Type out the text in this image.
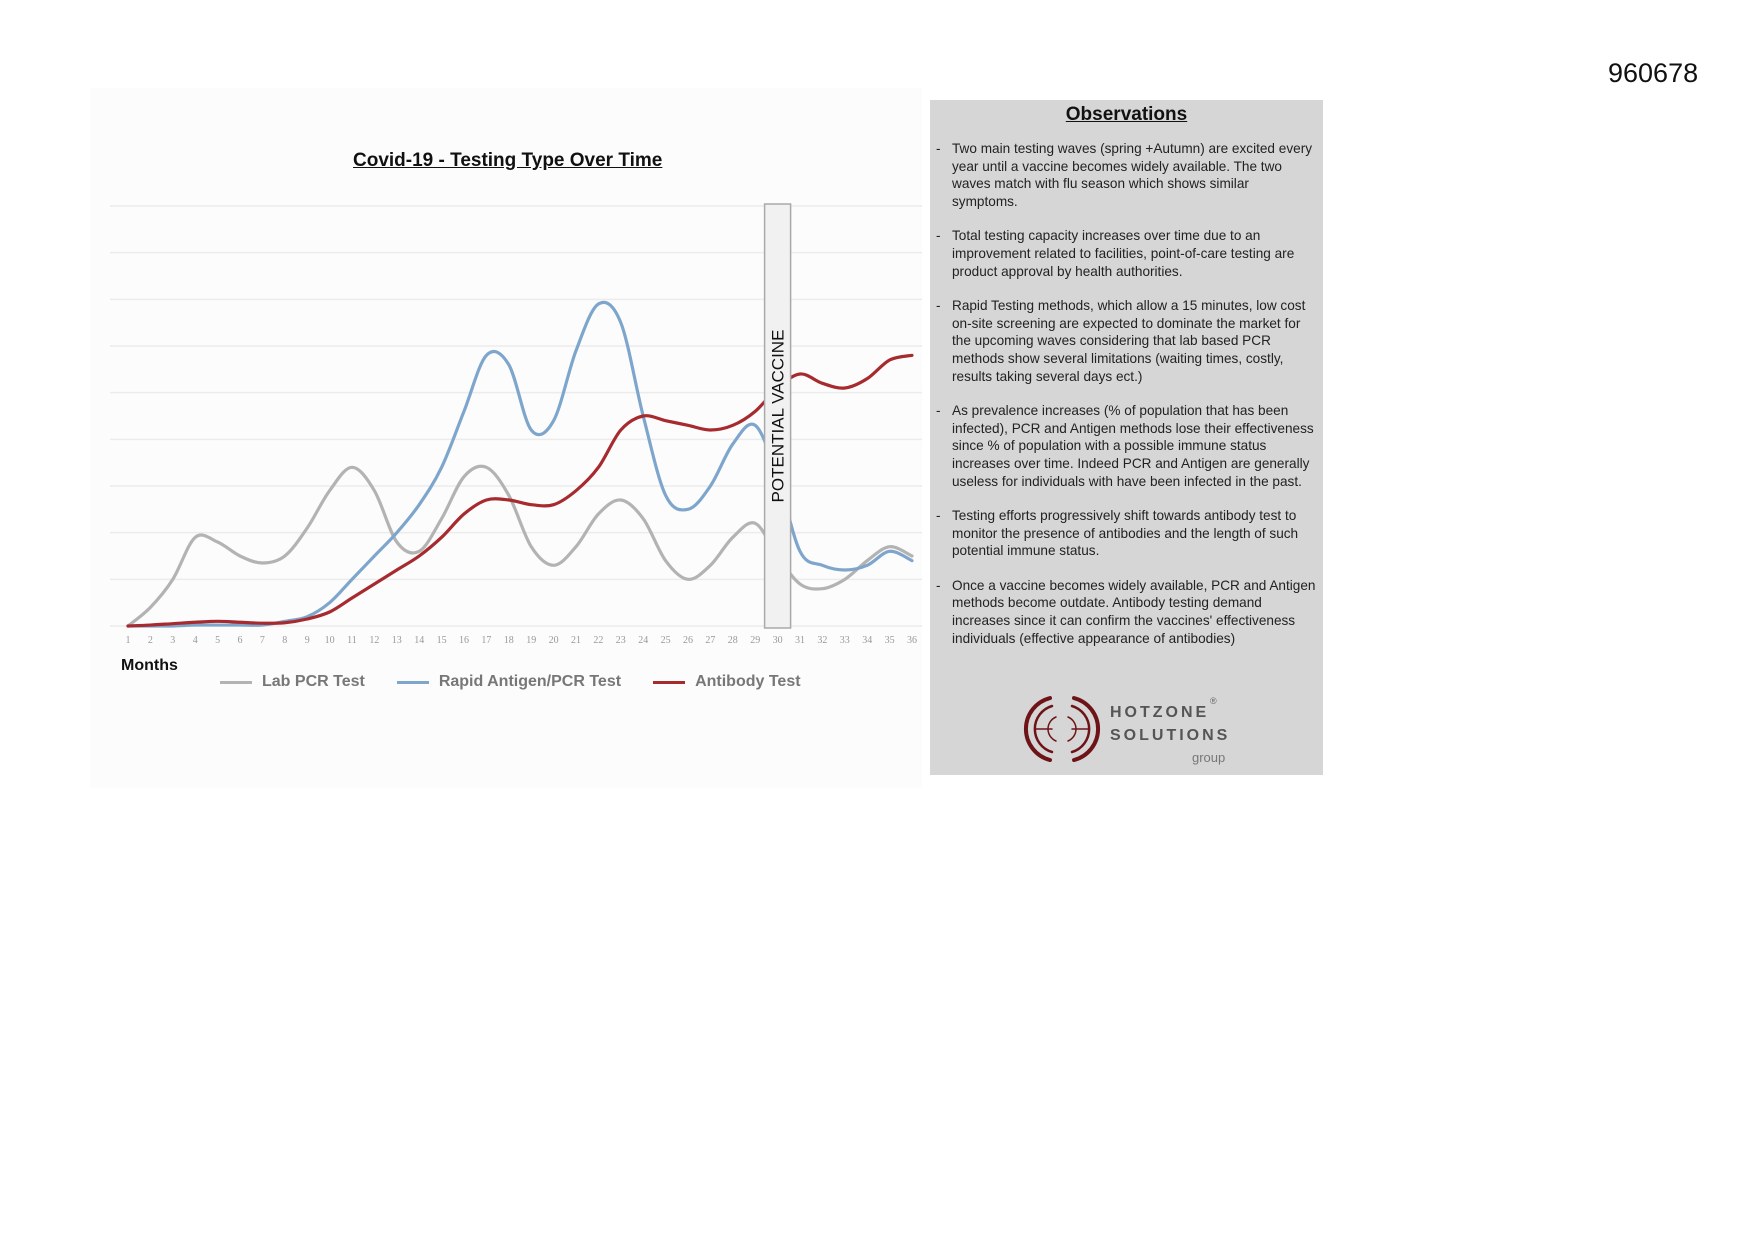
960678
Covid-19 - Testing Type Over Time
1 2 3 4 5 6 7 8 9 10 11 12 13 14 15 16 17 18 19 20 21 22 23 24 25 26 27 28 29 30 31 32 33 34 35 36
POTENTIAL VACCINE
Months
Lab PCR Test	Rapid Antigen/PCR Test	Antibody Test
Observations
- Two main testing waves (spring +Autumn) are excited every year until a vaccine becomes widely available. The two waves match with flu season which shows similar symptoms.
- Total testing capacity increases over time due to an improvement related to facilities, point-of-care testing are product approval by health authorities.
- Rapid Testing methods, which allow a 15 minutes, low cost on-site screening are expected to dominate the market for the upcoming waves considering that lab based PCR methods show several limitations (waiting times, costly, results taking several days ect.)
- As prevalence increases (% of population that has been infected), PCR and Antigen methods lose their effectiveness since % of population with a possible immune status increases over time. Indeed PCR and Antigen are generally useless for individuals with have been infected in the past.
- Testing efforts progressively shift towards antibody test to monitor the presence of antibodies and the length of such potential immune status.
- Once a vaccine becomes widely available, PCR and Antigen methods become outdate. Antibody testing demand increases since it can confirm the vaccines' effectiveness individuals (effective appearance of antibodies)
HOTZONE
®
SOLUTIONS
group
